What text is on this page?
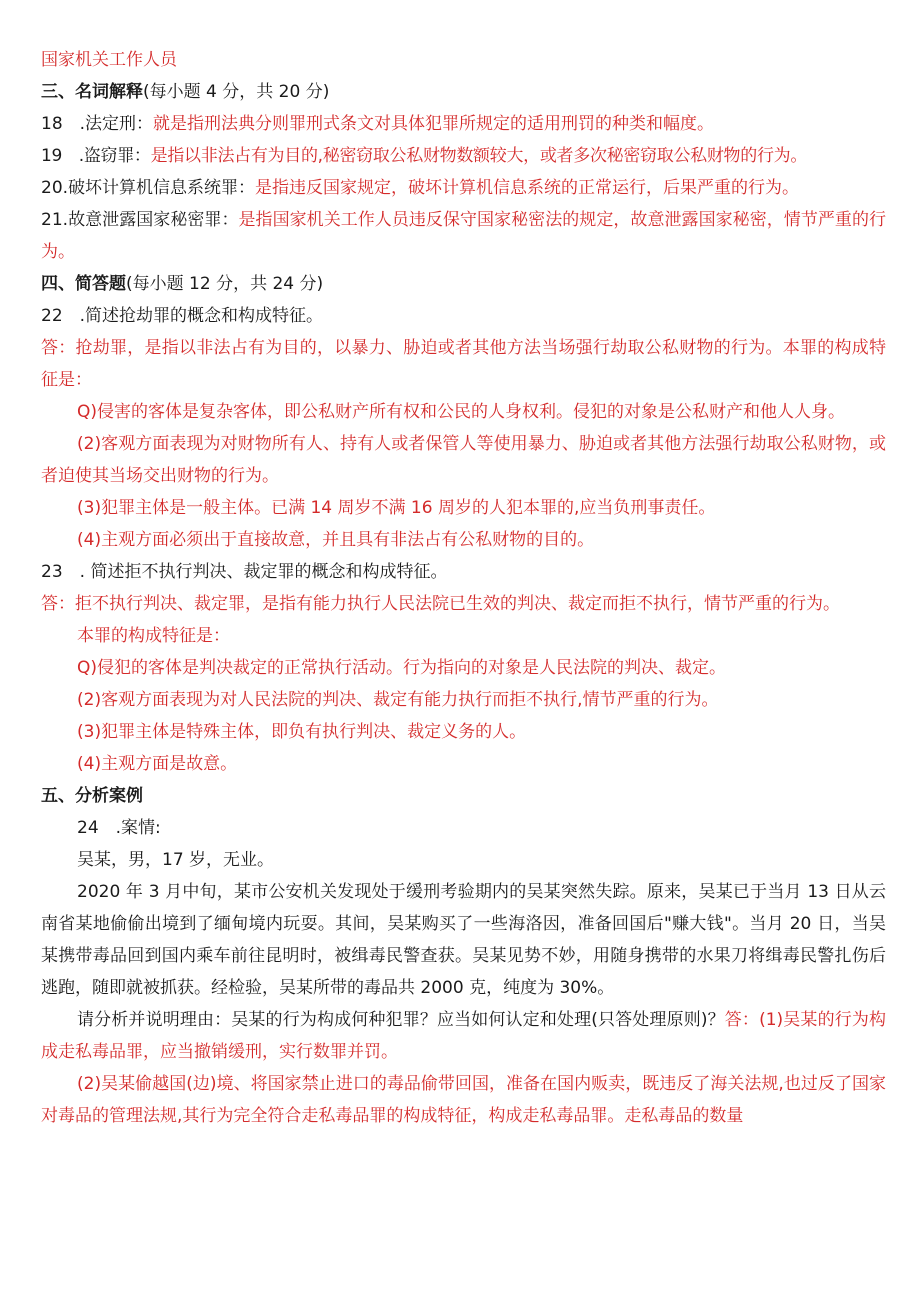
国家机关工作人员
三、名词解释(每小题 4 分，共 20 分)
18　.法定刑：就是指刑法典分则罪刑式条文对具体犯罪所规定的适用刑罚的种类和幅度。
19　.盗窃罪：是指以非法占有为目的,秘密窃取公私财物数额较大，或者多次秘密窃取公私财物的行为。
20.破坏计算机信息系统罪：是指违反国家规定，破坏计算机信息系统的正常运行，后果严重的行为。
21.故意泄露国家秘密罪：是指国家机关工作人员违反保守国家秘密法的规定，故意泄露国家秘密，情节严重的行为。
四、简答题(每小题 12 分，共 24 分)
22　.简述抢劫罪的概念和构成特征。
答：抢劫罪，是指以非法占有为目的，以暴力、胁迫或者其他方法当场强行劫取公私财物的行为。本罪的构成特征是：
Q)侵害的客体是复杂客体，即公私财产所有权和公民的人身权利。侵犯的对象是公私财产和他人人身。
(2)客观方面表现为对财物所有人、持有人或者保管人等使用暴力、胁迫或者其他方法强行劫取公私财物，或者迫使其当场交出财物的行为。
(3)犯罪主体是一般主体。已满 14 周岁不满 16 周岁的人犯本罪的,应当负刑事责任。
(4)主观方面必须出于直接故意，并且具有非法占有公私财物的目的。
23　. 简述拒不执行判决、裁定罪的概念和构成特征。
答：拒不执行判决、裁定罪，是指有能力执行人民法院已生效的判决、裁定而拒不执行，情节严重的行为。
本罪的构成特征是：
Q)侵犯的客体是判决裁定的正常执行活动。行为指向的对象是人民法院的判决、裁定。
(2)客观方面表现为对人民法院的判决、裁定有能力执行而拒不执行,情节严重的行为。
(3)犯罪主体是特殊主体，即负有执行判决、裁定义务的人。
(4)主观方面是故意。
五、分析案例
24　.案情:
吴某，男，17 岁，无业。
2020 年 3 月中旬，某市公安机关发现处于缓刑考验期内的吴某突然失踪。原来，吴某已于当月 13 日从云南省某地偷偷出境到了缅甸境内玩耍。其间，吴某购买了一些海洛因，准备回国后"赚大钱"。当月 20 日，当吴某携带毒品回到国内乘车前往昆明时，被缉毒民警查获。吴某见势不妙，用随身携带的水果刀将缉毒民警扎伤后逃跑，随即就被抓获。经检验，吴某所带的毒品共 2000 克，纯度为 30%。
请分析并说明理由：吴某的行为构成何种犯罪？应当如何认定和处理(只答处理原则)？答：(1)吴某的行为构成走私毒品罪，应当撤销缓刑，实行数罪并罚。
(2)吴某偷越国(边)境、将国家禁止进口的毒品偷带回国，准备在国内贩卖，既违反了海关法规,也过反了国家对毒品的管理法规,其行为完全符合走私毒品罪的构成特征，构成走私毒品罪。走私毒品的数量
